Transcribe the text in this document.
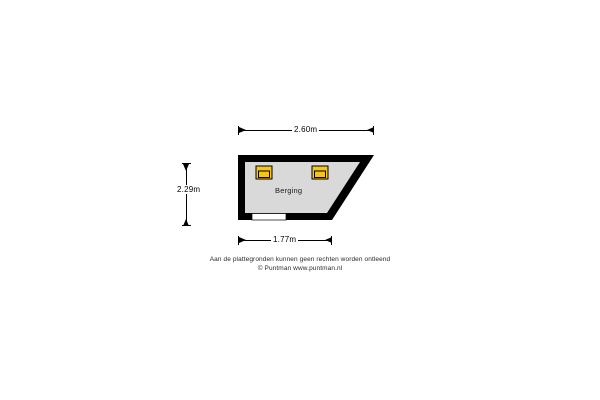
2.60m
2.29m
1.77m
Berging
Aan de plattegronden kunnen geen rechten worden ontleend
© Puntman www.puntman.nl
